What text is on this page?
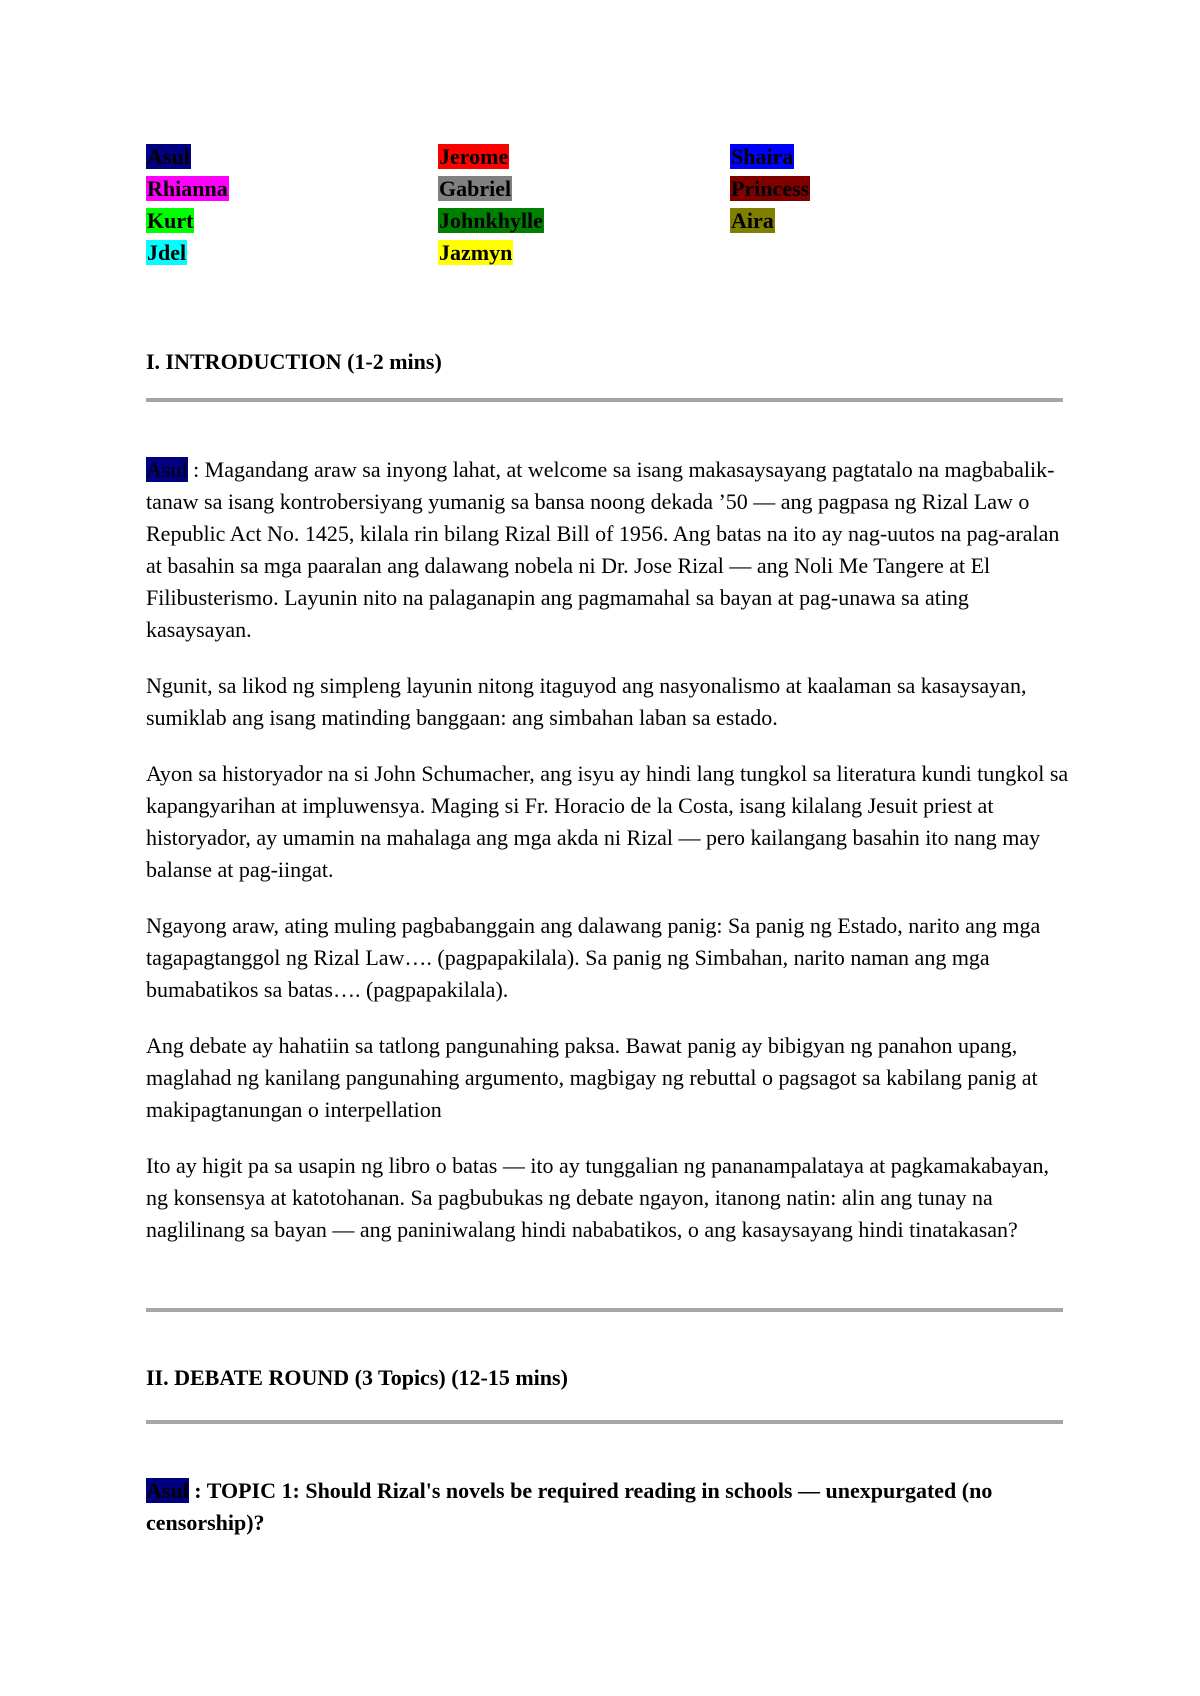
Asul	Jerome	Shaira
Rhianna	Gabriel	Princess
Kurt	Johnkhylle	Aira
Jdel	Jazmyn
I. INTRODUCTION (1-2 mins)

Asul : Magandang araw sa inyong lahat, at welcome sa isang makasaysayang pagtatalo na magbabalik-tanaw sa isang kontrobersiyang yumanig sa bansa noong dekada ’50 — ang pagpasa ng Rizal Law o Republic Act No. 1425, kilala rin bilang Rizal Bill of 1956. Ang batas na ito ay nag-uutos na pag-aralan at basahin sa mga paaralan ang dalawang nobela ni Dr. Jose Rizal — ang Noli Me Tangere at El Filibusterismo. Layunin nito na palaganapin ang pagmamahal sa bayan at pag-unawa sa ating kasaysayan.

Ngunit, sa likod ng simpleng layunin nitong itaguyod ang nasyonalismo at kaalaman sa kasaysayan, sumiklab ang isang matinding banggaan: ang simbahan laban sa estado.

Ayon sa historyador na si John Schumacher, ang isyu ay hindi lang tungkol sa literatura kundi tungkol sa kapangyarihan at impluwensya. Maging si Fr. Horacio de la Costa, isang kilalang Jesuit priest at historyador, ay umamin na mahalaga ang mga akda ni Rizal — pero kailangang basahin ito nang may balanse at pag-iingat.

Ngayong araw, ating muling pagbabanggain ang dalawang panig: Sa panig ng Estado, narito ang mga tagapagtanggol ng Rizal Law…. (pagpapakilala). Sa panig ng Simbahan, narito naman ang mga bumabatikos sa batas…. (pagpapakilala).

Ang debate ay hahatiin sa tatlong pangunahing paksa. Bawat panig ay bibigyan ng panahon upang, maglahad ng kanilang pangunahing argumento, magbigay ng rebuttal o pagsagot sa kabilang panig at makipagtanungan o interpellation

Ito ay higit pa sa usapin ng libro o batas — ito ay tunggalian ng pananampalataya at pagkamakabayan, ng konsensya at katotohanan. Sa pagbubukas ng debate ngayon, itanong natin: alin ang tunay na naglilinang sa bayan — ang paniniwalang hindi nababatikos, o ang kasaysayang hindi tinatakasan?

II. DEBATE ROUND (3 Topics) (12-15 mins)
Asul : TOPIC 1: Should Rizal's novels be required reading in schools — unexpurgated (no censorship)?
